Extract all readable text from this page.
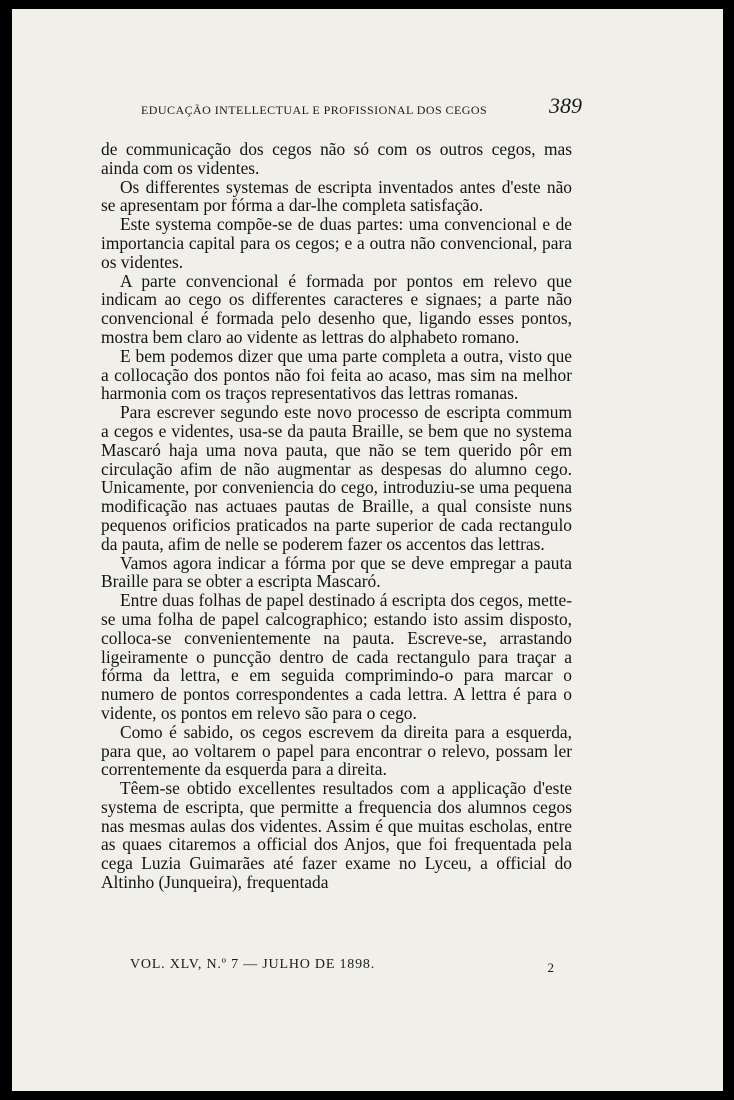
EDUCAÇÃO INTELLECTUAL E PROFISSIONAL DOS CEGOS	389

de communicação dos cegos não só com os outros cegos, mas ainda com os videntes.

Os differentes systemas de escripta inventados antes d'este não se apresentam por fórma a dar-lhe completa satisfação.

Este systema compõe-se de duas partes: uma convencional e de importancia capital para os cegos; e a outra não convencional, para os videntes.

A parte convencional é formada por pontos em relevo que indicam ao cego os differentes caracteres e signaes; a parte não convencional é formada pelo desenho que, ligando esses pontos, mostra bem claro ao vidente as lettras do alphabeto romano.

E bem podemos dizer que uma parte completa a outra, visto que a collocação dos pontos não foi feita ao acaso, mas sim na melhor harmonia com os traços representativos das lettras romanas.

Para escrever segundo este novo processo de escripta commum a cegos e videntes, usa-se da pauta Braille, se bem que no systema Mascaró haja uma nova pauta, que não se tem querido pôr em circulação afim de não augmentar as despesas do alumno cego. Unicamente, por conveniencia do cego, introduziu-se uma pequena modificação nas actuaes pautas de Braille, a qual consiste nuns pequenos orificios praticados na parte superior de cada rectangulo da pauta, afim de nelle se poderem fazer os accentos das lettras.

Vamos agora indicar a fórma por que se deve empregar a pauta Braille para se obter a escripta Mascaró.

Entre duas folhas de papel destinado á escripta dos cegos, mette-se uma folha de papel calcographico; estando isto assim disposto, colloca-se convenientemente na pauta. Escreve-se, arrastando ligeiramente o puncção dentro de cada rectangulo para traçar a fórma da lettra, e em seguida comprimindo-o para marcar o numero de pontos correspondentes a cada lettra. A lettra é para o vidente, os pontos em relevo são para o cego.

Como é sabido, os cegos escrevem da direita para a esquerda, para que, ao voltarem o papel para encontrar o relevo, possam ler correntemente da esquerda para a direita.

Têem-se obtido excellentes resultados com a applicação d'este systema de escripta, que permitte a frequencia dos alumnos cegos nas mesmas aulas dos videntes. Assim é que muitas escholas, entre as quaes citaremos a official dos Anjos, que foi frequentada pela cega Luzia Guimarães até fazer exame no Lyceu, a official do Altinho (Junqueira), frequentada

VOL. XLV, N.º 7 — JULHO DE 1898.	2
